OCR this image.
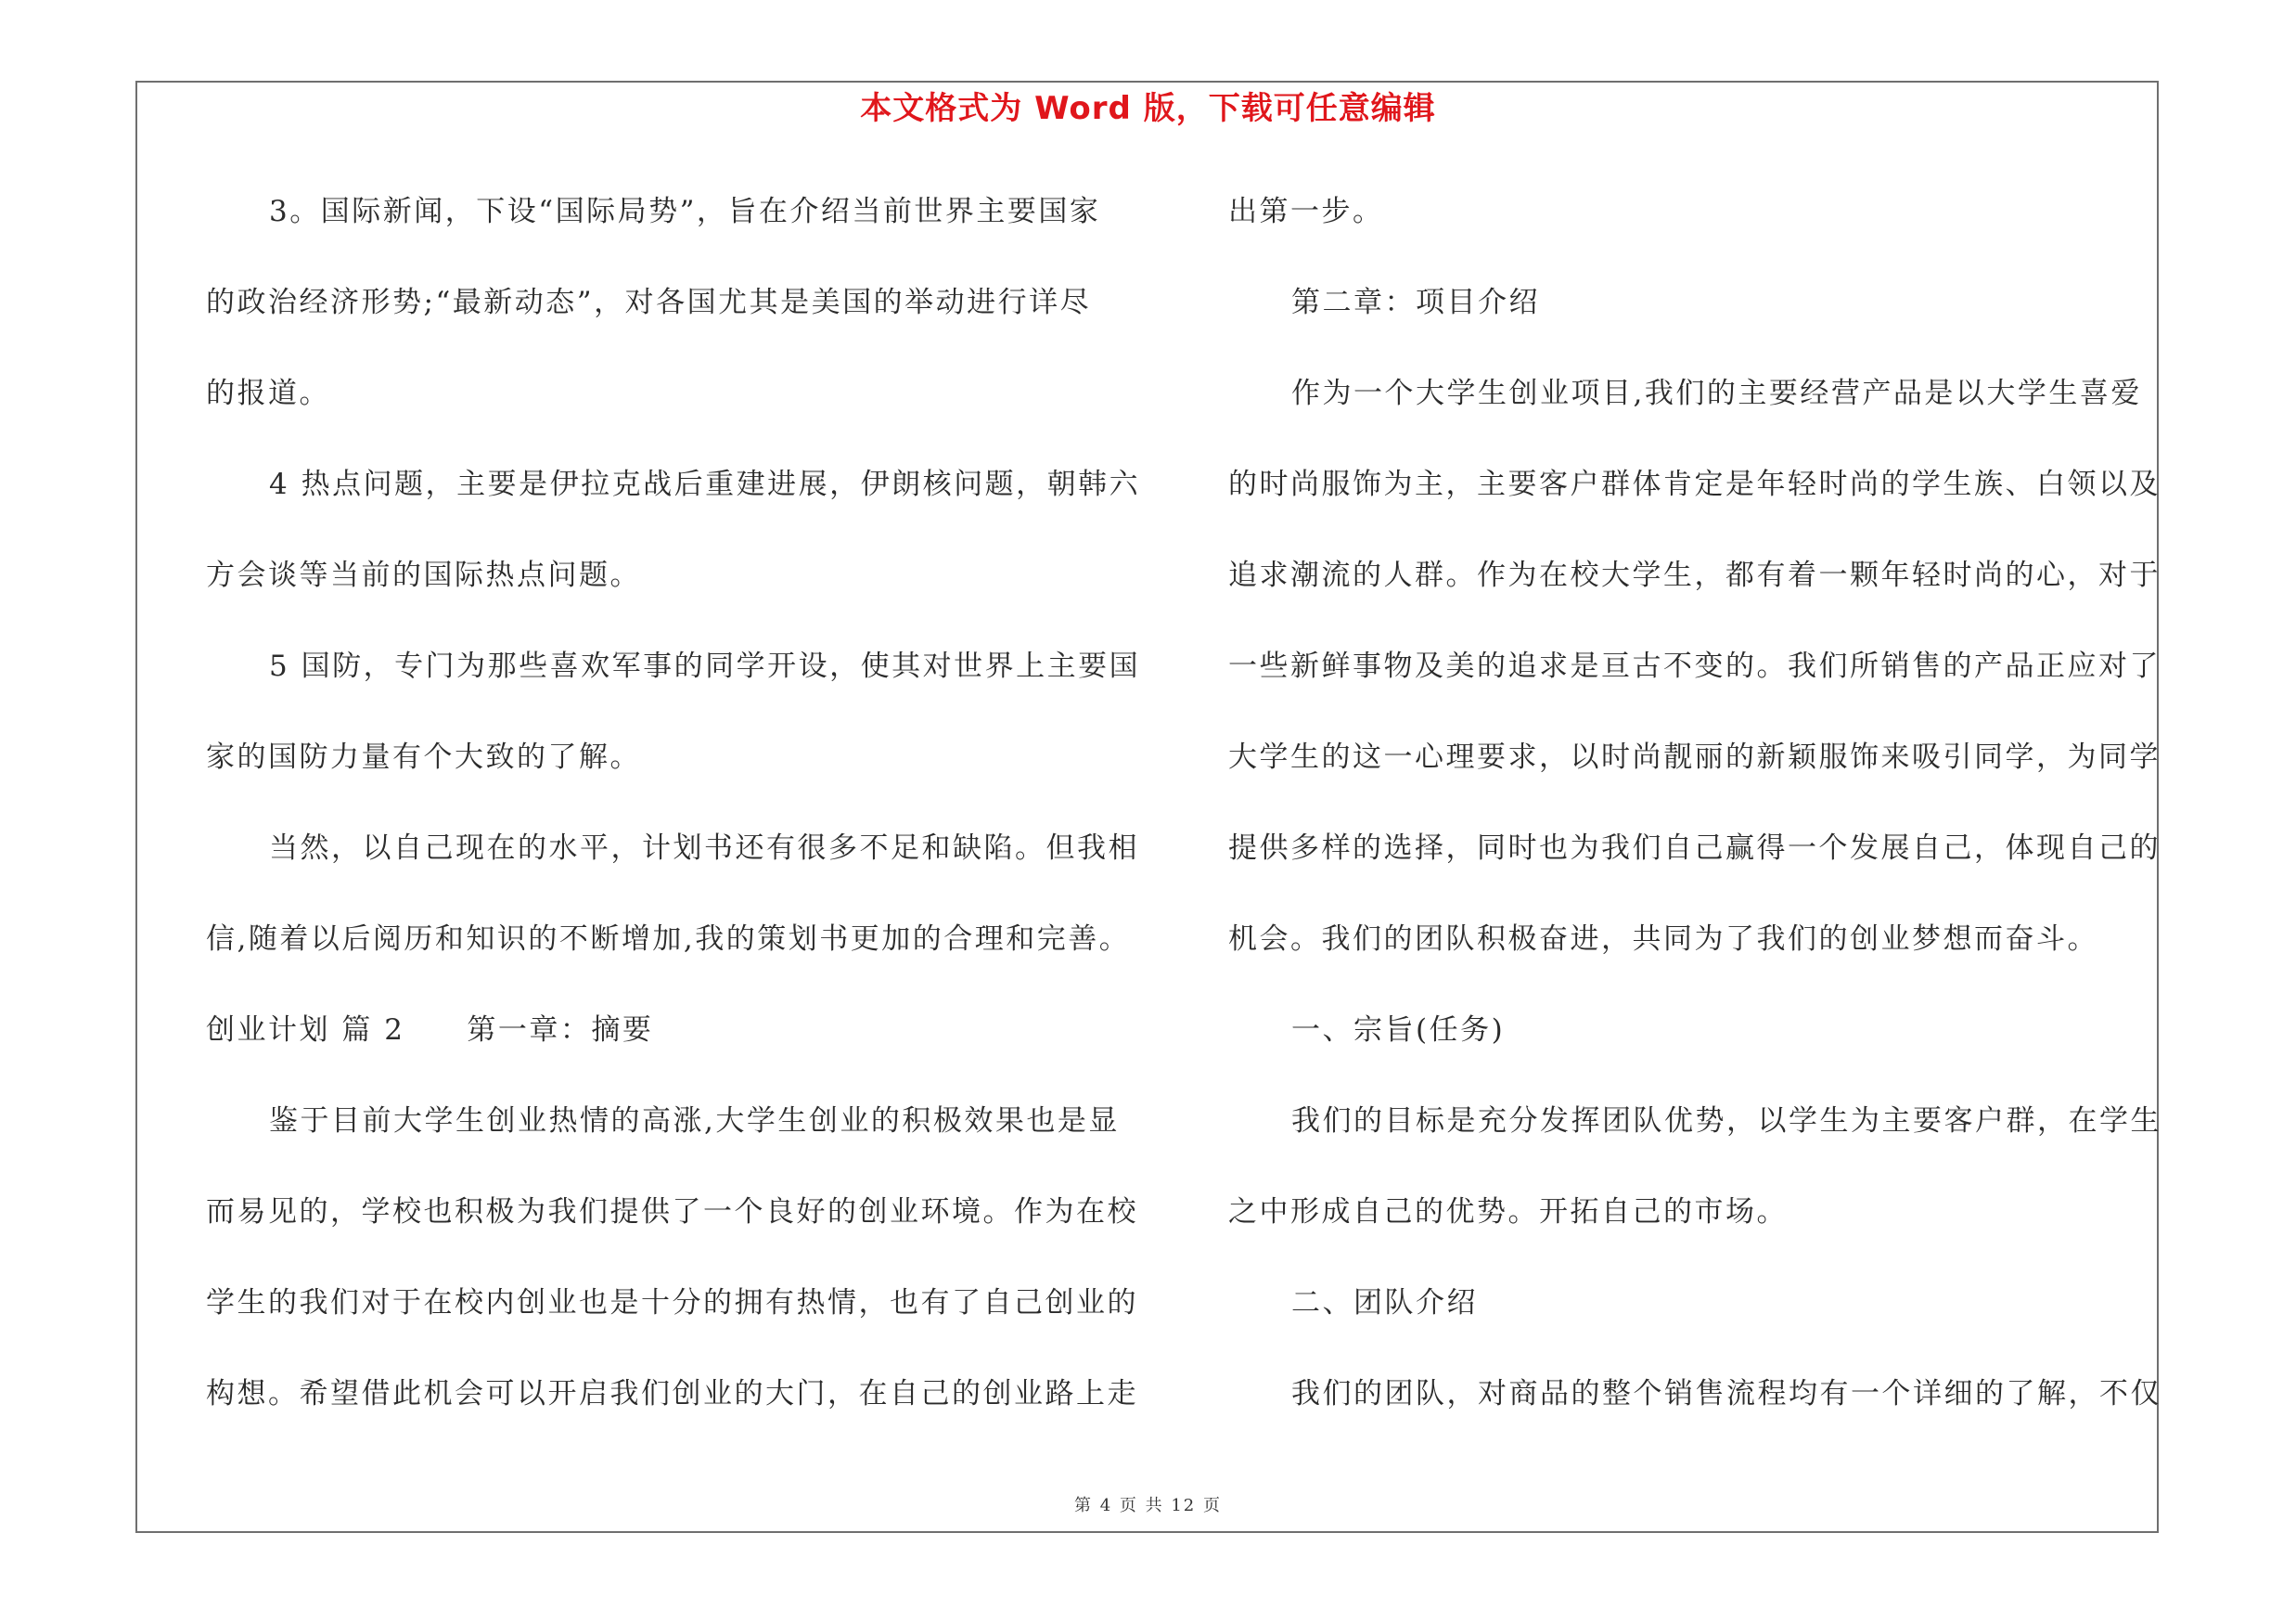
本文格式为 Word 版，下载可任意编辑

3。国际新闻，下设“国际局势”，旨在介绍当前世界主要国家

的政治经济形势;“最新动态”，对各国尤其是美国的举动进行详尽

的报道。

4 热点问题，主要是伊拉克战后重建进展，伊朗核问题，朝韩六

方会谈等当前的国际热点问题。

5 国防，专门为那些喜欢军事的同学开设，使其对世界上主要国

家的国防力量有个大致的了解。

当然，以自己现在的水平，计划书还有很多不足和缺陷。但我相

信,随着以后阅历和知识的不断增加,我的策划书更加的合理和完善。

创业计划 篇 2　　第一章：摘要

鉴于目前大学生创业热情的高涨,大学生创业的积极效果也是显

而易见的，学校也积极为我们提供了一个良好的创业环境。作为在校

学生的我们对于在校内创业也是十分的拥有热情，也有了自己创业的

构想。希望借此机会可以开启我们创业的大门，在自己的创业路上走

出第一步。

第二章：项目介绍

作为一个大学生创业项目,我们的主要经营产品是以大学生喜爱

的时尚服饰为主，主要客户群体肯定是年轻时尚的学生族、白领以及

追求潮流的人群。作为在校大学生，都有着一颗年轻时尚的心，对于

一些新鲜事物及美的追求是亘古不变的。我们所销售的产品正应对了

大学生的这一心理要求，以时尚靓丽的新颖服饰来吸引同学，为同学

提供多样的选择，同时也为我们自己赢得一个发展自己，体现自己的

机会。我们的团队积极奋进，共同为了我们的创业梦想而奋斗。

一、宗旨(任务)

我们的目标是充分发挥团队优势，以学生为主要客户群，在学生

之中形成自己的优势。开拓自己的市场。

二、团队介绍

我们的团队，对商品的整个销售流程均有一个详细的了解，不仅

第 4 页 共 12 页
